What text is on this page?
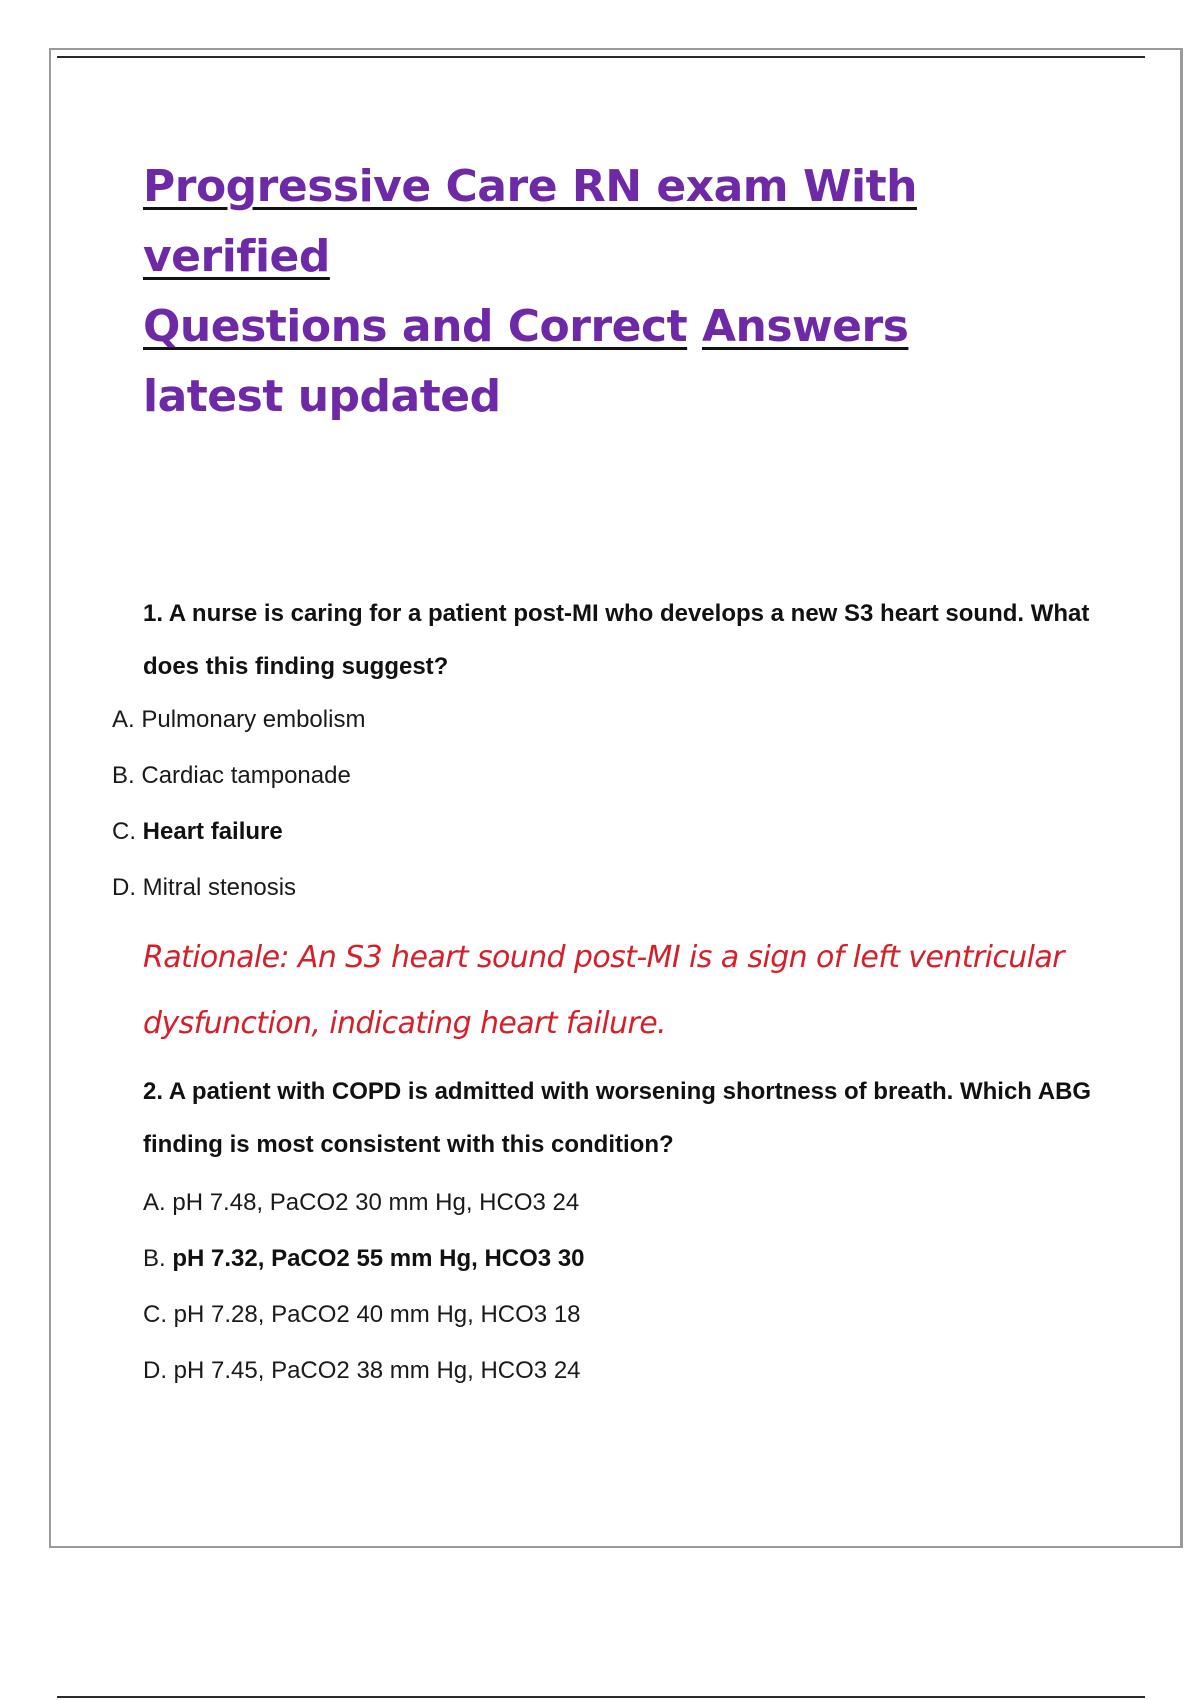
Progressive Care RN exam With verified
Questions and Correct Answers latest updated

1. A nurse is caring for a patient post-MI who develops a new S3 heart sound. What does this finding suggest?

A. Pulmonary embolism
B. Cardiac tamponade
C. Heart failure
D. Mitral stenosis

Rationale: An S3 heart sound post-MI is a sign of left ventricular dysfunction, indicating heart failure.

2. A patient with COPD is admitted with worsening shortness of breath. Which ABG finding is most consistent with this condition?

A. pH 7.48, PaCO2 30 mm Hg, HCO3 24
B. pH 7.32, PaCO2 55 mm Hg, HCO3 30
C. pH 7.28, PaCO2 40 mm Hg, HCO3 18
D. pH 7.45, PaCO2 38 mm Hg, HCO3 24
